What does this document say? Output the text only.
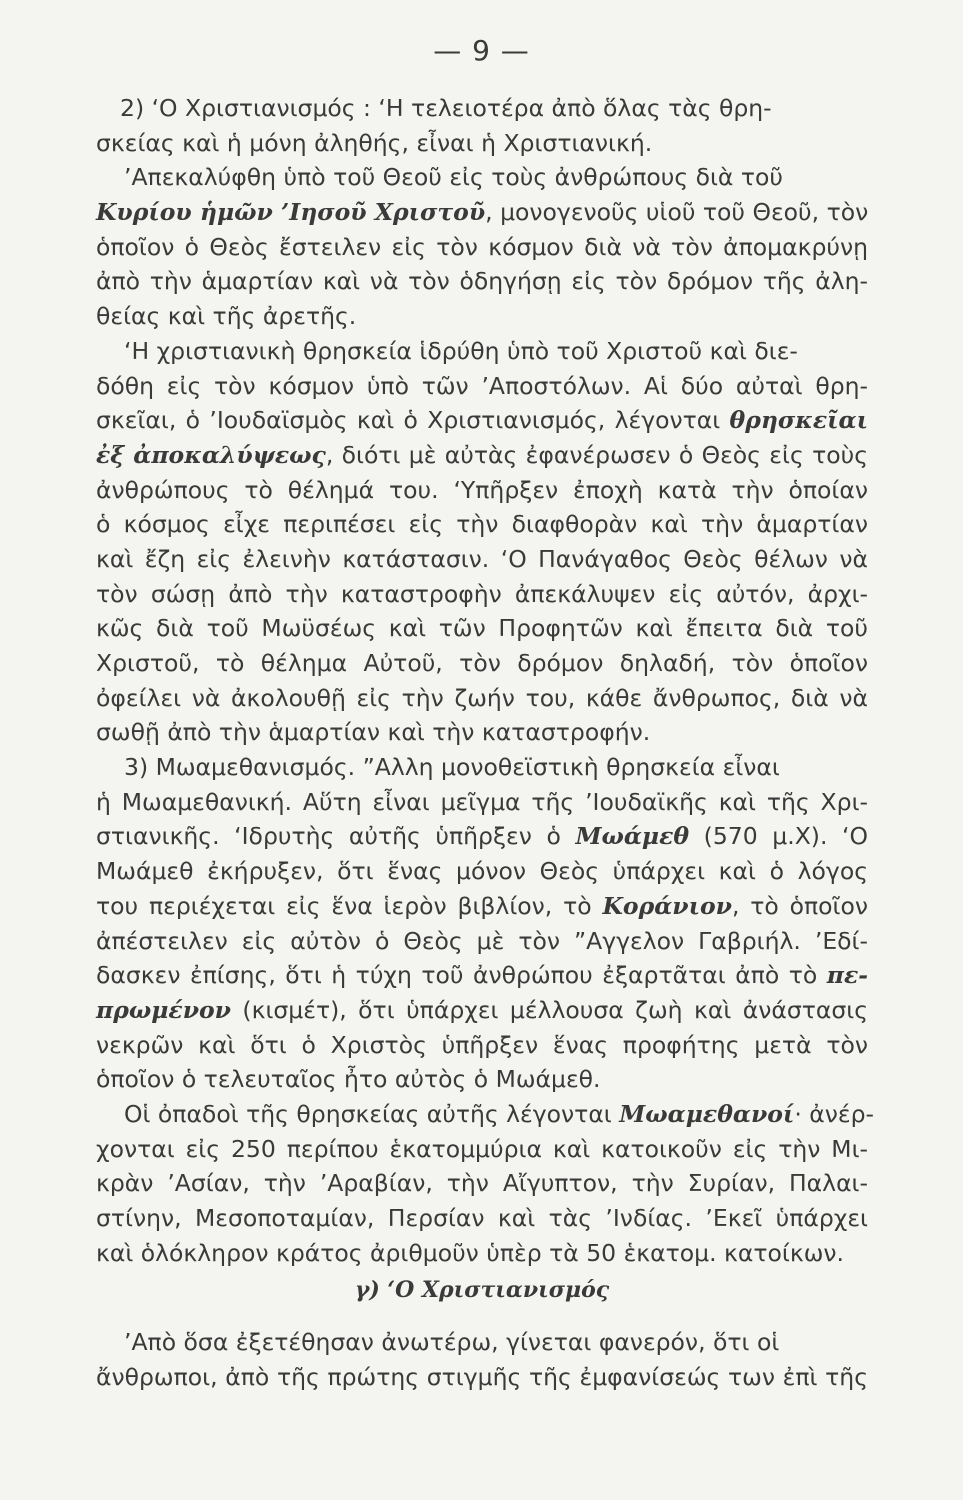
— 9 —
2) ‘Ο Χριστιανισμός : ‘Η τελειοτέρα ἀπὸ ὅλας τὰς θρη-
σκείας καὶ ἡ μόνη ἀληθής, εἶναι ἡ Χριστιανική.
’Απεκαλύφθη ὑπὸ τοῦ Θεοῦ εἰς τοὺς ἀνθρώπους διὰ τοῦ
Κυρίου ἡμῶν ’Ιησοῦ Χριστοῦ, μονογενοῦς υἱοῦ τοῦ Θεοῦ, τὸν
ὁποῖον ὁ Θεὸς ἔστειλεν εἰς τὸν κόσμον διὰ νὰ τὸν ἀπομακρύνῃ
ἀπὸ τὴν ἁμαρτίαν καὶ νὰ τὸν ὁδηγήσῃ εἰς τὸν δρόμον τῆς ἀλη-
θείας καὶ τῆς ἀρετῆς.
‘Η χριστιανικὴ θρησκεία ἱδρύθη ὑπὸ τοῦ Χριστοῦ καὶ διε-
δόθη εἰς τὸν κόσμον ὑπὸ τῶν ’Αποστόλων. Αἱ δύο αὐταὶ θρη-
σκεῖαι, ὁ ’Ιουδαϊσμὸς καὶ ὁ Χριστιανισμός, λέγονται θρησκεῖαι
ἐξ ἀποκαλύψεως, διότι μὲ αὐτὰς ἐφανέρωσεν ὁ Θεὸς εἰς τοὺς
ἀνθρώπους τὸ θέλημά του. ‘Υπῆρξεν ἐποχὴ κατὰ τὴν ὁποίαν
ὁ κόσμος εἶχε περιπέσει εἰς τὴν διαφθορὰν καὶ τὴν ἁμαρτίαν
καὶ ἔζη εἰς ἐλεινὴν κατάστασιν. ‘Ο Πανάγαθος Θεὸς θέλων νὰ
τὸν σώσῃ ἀπὸ τὴν καταστροφὴν ἀπεκάλυψεν εἰς αὐτόν, ἀρχι-
κῶς διὰ τοῦ Μωϋσέως καὶ τῶν Προφητῶν καὶ ἔπειτα διὰ τοῦ
Χριστοῦ, τὸ θέλημα Αὐτοῦ, τὸν δρόμον δηλαδή, τὸν ὁποῖον
ὀφείλει νὰ ἀκολουθῇ εἰς τὴν ζωήν του, κάθε ἄνθρωπος, διὰ νὰ
σωθῇ ἀπὸ τὴν ἁμαρτίαν καὶ τὴν καταστροφήν.
3) Μωαμεθανισμός. ”Αλλη μονοθεϊστικὴ θρησκεία εἶναι
ἡ Μωαμεθανική. Αὕτη εἶναι μεῖγμα τῆς ’Ιουδαϊκῆς καὶ τῆς Χρι-
στιανικῆς. ‘Ιδρυτὴς αὐτῆς ὑπῆρξεν ὁ Μωάμεθ (570 μ.Χ). ‘Ο
Μωάμεθ ἐκήρυξεν, ὅτι ἕνας μόνον Θεὸς ὑπάρχει καὶ ὁ λόγος
του περιέχεται εἰς ἕνα ἱερὸν βιβλίον, τὸ Κοράνιον, τὸ ὁποῖον
ἀπέστειλεν εἰς αὐτὸν ὁ Θεὸς μὲ τὸν ”Αγγελον Γαβριήλ. ’Εδί-
δασκεν ἐπίσης, ὅτι ἡ τύχη τοῦ ἀνθρώπου ἐξαρτᾶται ἀπὸ τὸ πε-
πρωμένον (κισμέτ), ὅτι ὑπάρχει μέλλουσα ζωὴ καὶ ἀνάστασις
νεκρῶν καὶ ὅτι ὁ Χριστὸς ὑπῆρξεν ἕνας προφήτης μετὰ τὸν
ὁποῖον ὁ τελευταῖος ἦτο αὐτὸς ὁ Μωάμεθ.
Οἱ ὀπαδοὶ τῆς θρησκείας αὐτῆς λέγονται Μωαμεθανοί· ἀνέρ-
χονται εἰς 250 περίπου ἑκατομμύρια καὶ κατοικοῦν εἰς τὴν Μι-
κρὰν ’Ασίαν, τὴν ’Αραβίαν, τὴν Αἴγυπτον, τὴν Συρίαν, Παλαι-
στίνην, Μεσοποταμίαν, Περσίαν καὶ τὰς ’Ινδίας. ’Εκεῖ ὑπάρχει
καὶ ὁλόκληρον κράτος ἀριθμοῦν ὑπὲρ τὰ 50 ἑκατομ. κατοίκων.
γ) ‘Ο Χριστιανισμός
’Απὸ ὅσα ἐξετέθησαν ἀνωτέρω, γίνεται φανερόν, ὅτι οἱ
ἄνθρωποι, ἀπὸ τῆς πρώτης στιγμῆς τῆς ἐμφανίσεώς των ἐπὶ τῆς
